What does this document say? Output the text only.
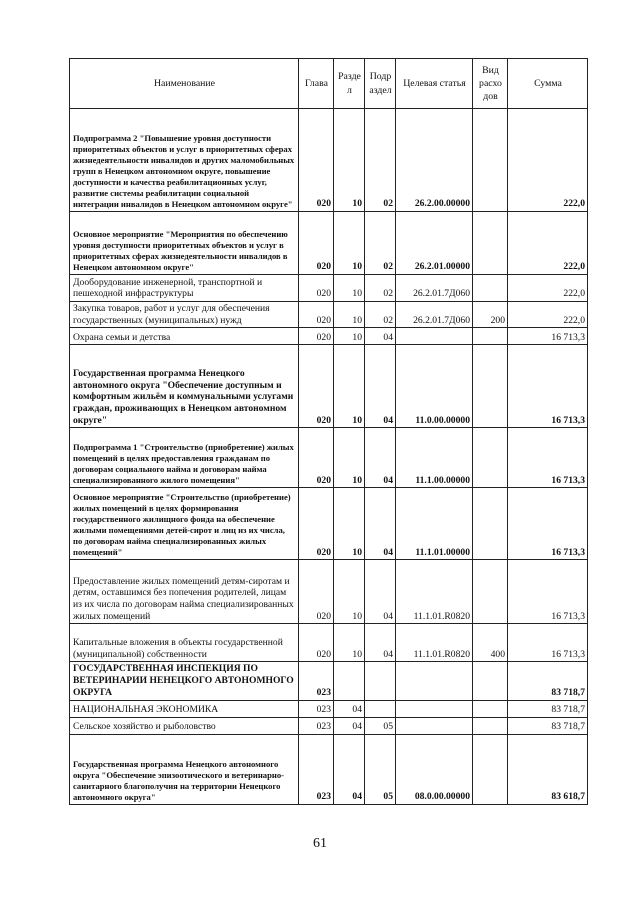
Наименование	Глава	Разде л	Подр аздел	Целевая статья	Вид расхо дов	Сумма
Подпрограмма 2 "Повышение уровня доступности приоритетных объектов и услуг в приоритетных сферах жизнедеятельности инвалидов и других маломобильных групп в Ненецком автономном округе, повышение доступности и качества реабилитационных услуг, развитие системы реабилитации социальной интеграции инвалидов в Ненецком автономном округе"	020	10	02	26.2.00.00000		222,0
Основное мероприятие "Мероприятия по обеспечению уровня доступности приоритетных объектов и услуг в приоритетных сферах жизнедеятельности инвалидов в Ненецком автономном округе"	020	10	02	26.2.01.00000		222,0
Дооборудование инженерной, транспортной и пешеходной инфраструктуры	020	10	02	26.2.01.7Д060		222,0
Закупка товаров, работ и услуг для обеспечения государственных (муниципальных) нужд	020	10	02	26.2.01.7Д060	200	222,0
Охрана семьи и детства	020	10	04			16 713,3
Государственная программа Ненецкого автономного округа "Обеспечение доступным и комфортным жильём и коммунальными услугами граждан, проживающих в Ненецком автономном округе"	020	10	04	11.0.00.00000		16 713,3
Подпрограмма 1 "Строительство (приобретение) жилых помещений в целях предоставления гражданам по договорам социального найма и договорам найма специализированного жилого помещения"	020	10	04	11.1.00.00000		16 713,3
Основное мероприятие "Строительство (приобретение) жилых помещений в целях формирования государственного жилищного фонда на обеспечение жилыми помещениями детей-сирот и лиц из их числа, по договорам найма специализированных жилых помещений"	020	10	04	11.1.01.00000		16 713,3
Предоставление жилых помещений детям-сиротам и детям, оставшимся без попечения родителей, лицам из их числа по договорам найма специализированных жилых помещений	020	10	04	11.1.01.R0820		16 713,3
Капитальные вложения в объекты государственной (муниципальной) собственности	020	10	04	11.1.01.R0820	400	16 713,3
ГОСУДАРСТВЕННАЯ ИНСПЕКЦИЯ ПО ВЕТЕРИНАРИИ НЕНЕЦКОГО АВТОНОМНОГО ОКРУГА	023					83 718,7
НАЦИОНАЛЬНАЯ ЭКОНОМИКА	023	04				83 718,7
Сельское хозяйство и рыболовство	023	04	05			83 718,7
Государственная программа Ненецкого автономного округа "Обеспечение эпизоотического и ветеринарно-санитарного благополучия на территории Ненецкого автономного округа"	023	04	05	08.0.00.00000		83 618,7
61
